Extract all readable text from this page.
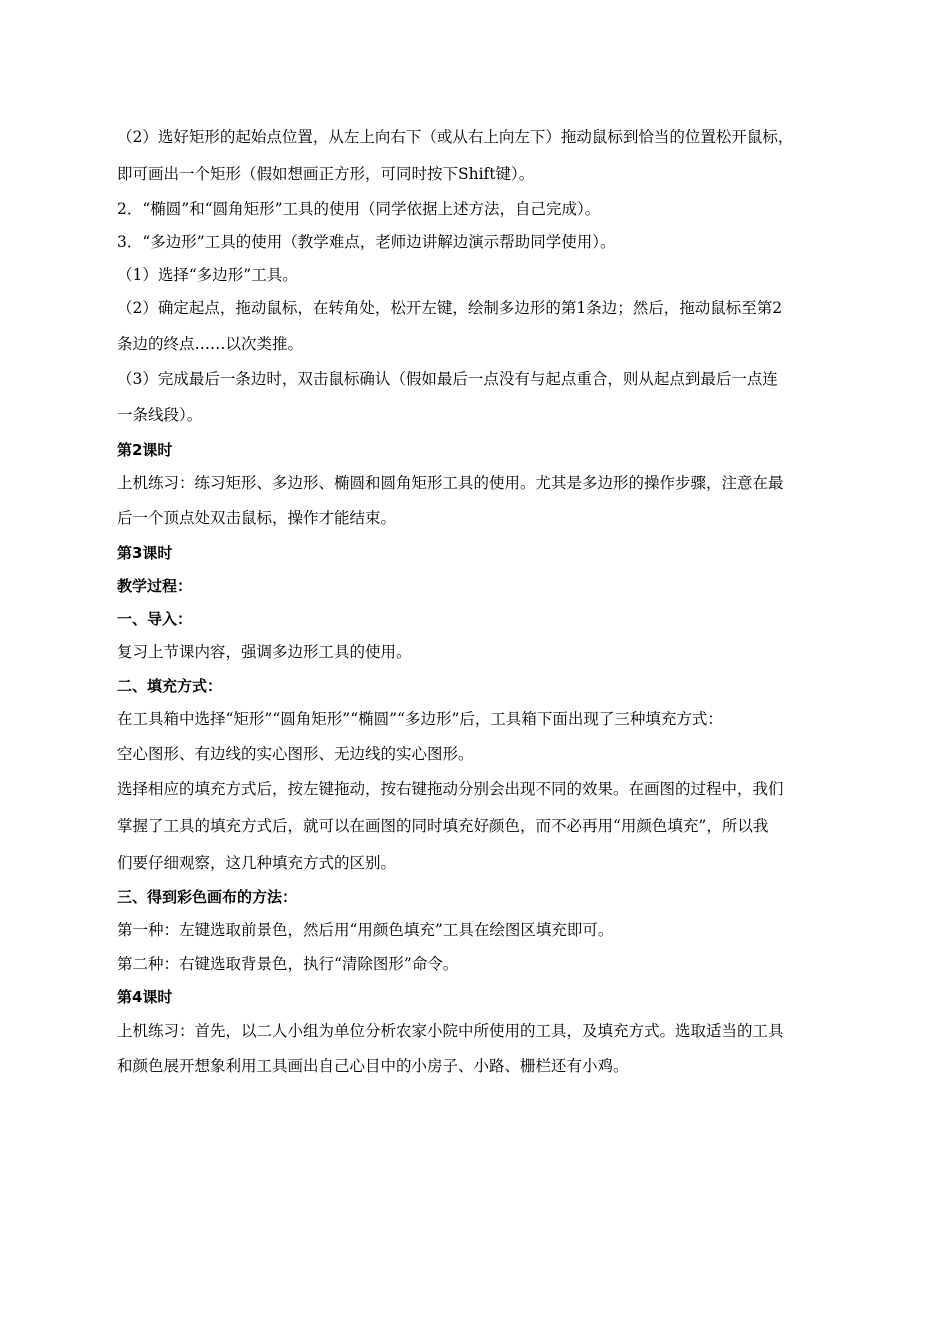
（2）选好矩形的起始点位置，从左上向右下（或从右上向左下）拖动鼠标到恰当的位置松开鼠标，
即可画出一个矩形（假如想画正方形，可同时按下Shift键）。
2．“椭圆”和“圆角矩形”工具的使用（同学依据上述方法，自己完成）。
3．“多边形”工具的使用（教学难点，老师边讲解边演示帮助同学使用）。
（1）选择“多边形”工具。
（2）确定起点，拖动鼠标，在转角处，松开左键，绘制多边形的第1条边；然后，拖动鼠标至第2
条边的终点……以次类推。
（3）完成最后一条边时，双击鼠标确认（假如最后一点没有与起点重合，则从起点到最后一点连
一条线段）。
第2课时
上机练习：练习矩形、多边形、椭圆和圆角矩形工具的使用。尤其是多边形的操作步骤，注意在最
后一个顶点处双击鼠标，操作才能结束。
第3课时
教学过程：
一、导入：
复习上节课内容，强调多边形工具的使用。
二、填充方式：
在工具箱中选择“矩形”“圆角矩形”“椭圆”“多边形”后，工具箱下面出现了三种填充方式：
空心图形、有边线的实心图形、无边线的实心图形。
选择相应的填充方式后，按左键拖动，按右键拖动分别会出现不同的效果。在画图的过程中，我们
掌握了工具的填充方式后，就可以在画图的同时填充好颜色，而不必再用“用颜色填充”，所以我
们要仔细观察，这几种填充方式的区别。
三、得到彩色画布的方法：
第一种：左键选取前景色，然后用“用颜色填充”工具在绘图区填充即可。
第二种：右键选取背景色，执行“清除图形”命令。
第4课时
上机练习：首先，以二人小组为单位分析农家小院中所使用的工具，及填充方式。选取适当的工具
和颜色展开想象利用工具画出自己心目中的小房子、小路、栅栏还有小鸡。
